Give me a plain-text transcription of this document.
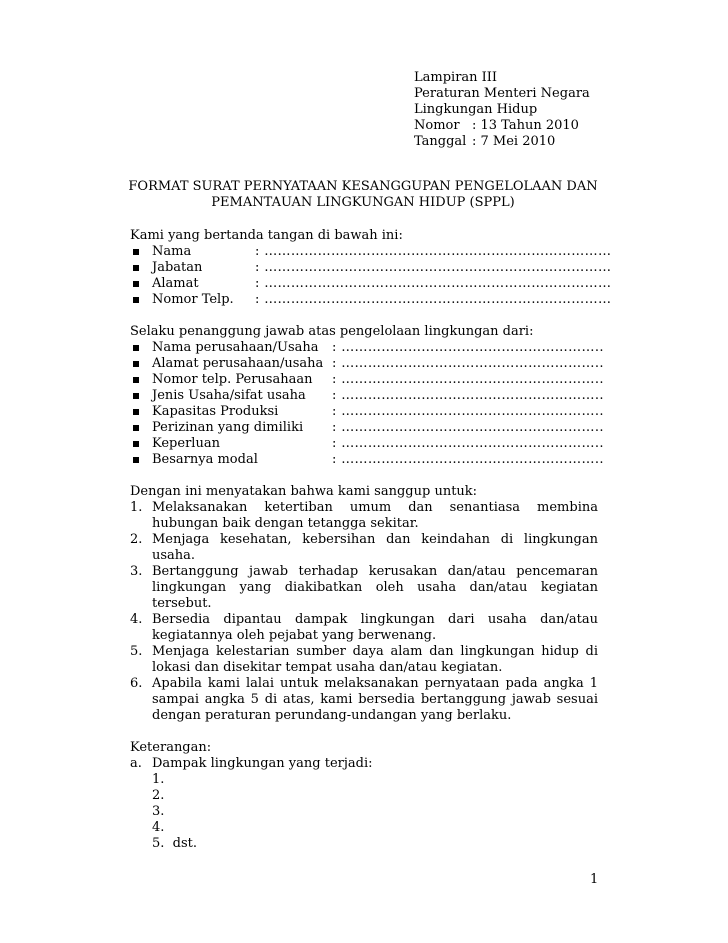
Lampiran III
Peraturan Menteri Negara
Lingkungan Hidup
Nomor : 13 Tahun 2010
Tanggal : 7 Mei 2010
FORMAT SURAT PERNYATAAN KESANGGUPAN PENGELOLAAN DAN
PEMANTAUAN LINGKUNGAN HIDUP (SPPL)
Kami yang bertanda tangan di bawah ini:
Nama	: ……………………………………………………………………
Jabatan	: ……………………………………………………………………
Alamat	: ……………………………………………………………………
Nomor Telp. : ……………………………………………………………………
Selaku penanggung jawab atas pengelolaan lingkungan dari:
Nama perusahaan/Usaha : …………………………………………………..
Alamat perusahaan/usaha : …………………………………………………..
Nomor telp. Perusahaan : …………………………………………………..
Jenis Usaha/sifat usaha : …………………………………………………..
Kapasitas Produksi	: …………………………………………………..
Perizinan yang dimiliki : …………………………………………………..
Keperluan	: …………………………………………………..
Besarnya modal	: …………………………………………………..
Dengan ini menyatakan bahwa kami sanggup untuk:
1. Melaksanakan ketertiban umum dan senantiasa membina hubungan baik dengan tetangga sekitar.
2. Menjaga kesehatan, kebersihan dan keindahan di lingkungan usaha.
3. Bertanggung jawab terhadap kerusakan dan/atau pencemaran lingkungan yang diakibatkan oleh usaha dan/atau kegiatan tersebut.
4. Bersedia dipantau dampak lingkungan dari usaha dan/atau kegiatannya oleh pejabat yang berwenang.
5. Menjaga kelestarian sumber daya alam dan lingkungan hidup di lokasi dan disekitar tempat usaha dan/atau kegiatan.
6. Apabila kami lalai untuk melaksanakan pernyataan pada angka 1 sampai angka 5 di atas, kami bersedia bertanggung jawab sesuai dengan peraturan perundang-undangan yang berlaku.
Keterangan:
a. Dampak lingkungan yang terjadi:
1.
2.
3.
4.
5.  dst.
1
